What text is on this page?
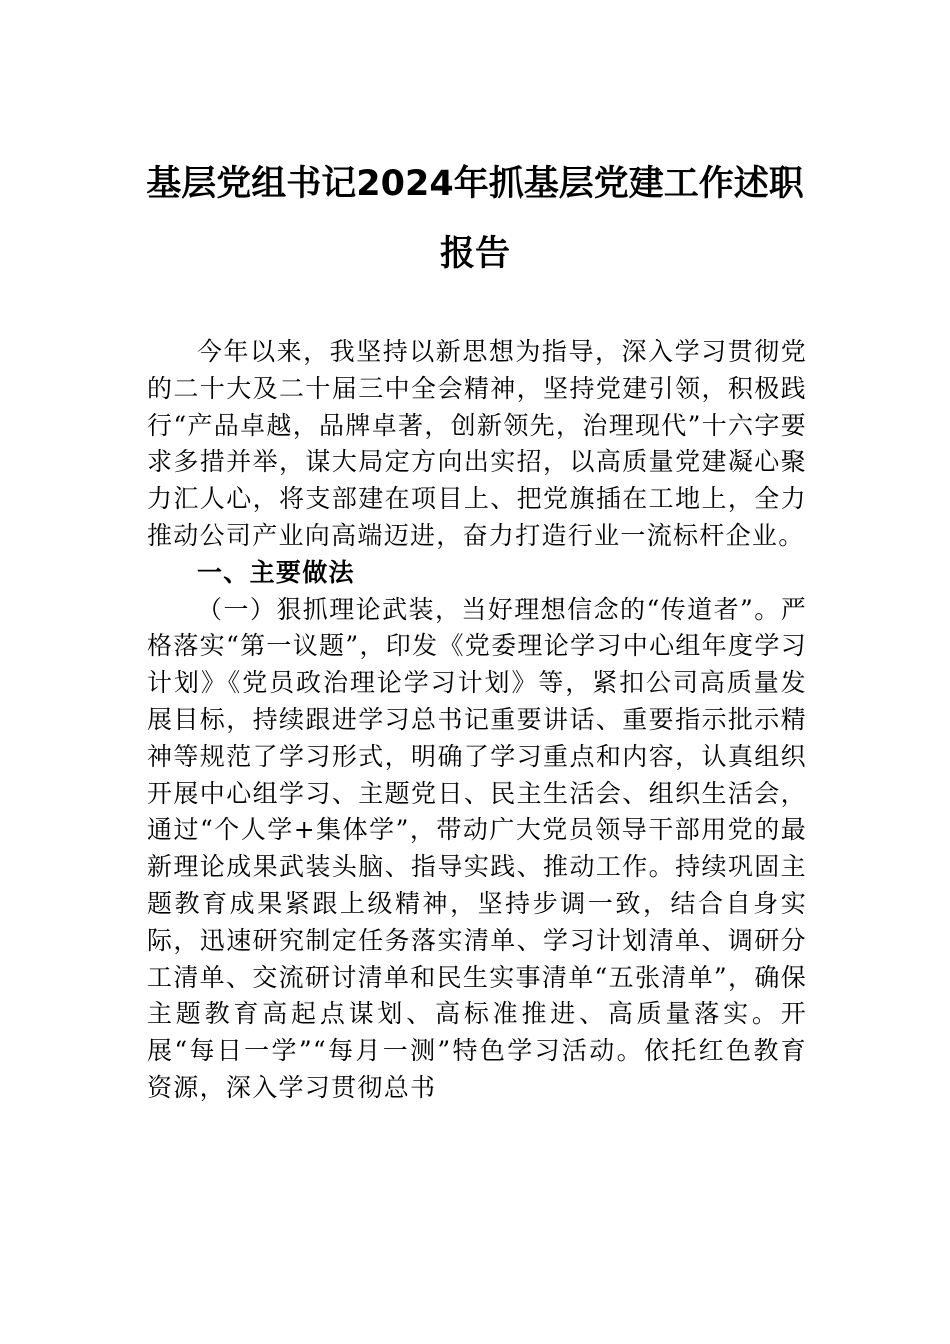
基层党组书记2024年抓基层党建工作述职
报告

今年以来，我坚持以新思想为指导，深入学习贯彻党的二十大及二十届三中全会精神，坚持党建引领，积极践行“产品卓越，品牌卓著，创新领先，治理现代”十六字要求多措并举，谋大局定方向出实招，以高质量党建凝心聚力汇人心，将支部建在项目上、把党旗插在工地上，全力推动公司产业向高端迈进，奋力打造行业一流标杆企业。

一、主要做法

（一）狠抓理论武装，当好理想信念的“传道者”。严格落实“第一议题”，印发《党委理论学习中心组年度学习计划》《党员政治理论学习计划》等，紧扣公司高质量发展目标，持续跟进学习总书记重要讲话、重要指示批示精神等规范了学习形式，明确了学习重点和内容，认真组织开展中心组学习、主题党日、民主生活会、组织生活会，通过“个人学+集体学”，带动广大党员领导干部用党的最新理论成果武装头脑、指导实践、推动工作。持续巩固主题教育成果紧跟上级精神，坚持步调一致，结合自身实际，迅速研究制定任务落实清单、学习计划清单、调研分工清单、交流研讨清单和民生实事清单“五张清单”，确保主题教育高起点谋划、高标准推进、高质量落实。开展“每日一学”“每月一测”特色学习活动。依托红色教育资源，深入学习贯彻总书
